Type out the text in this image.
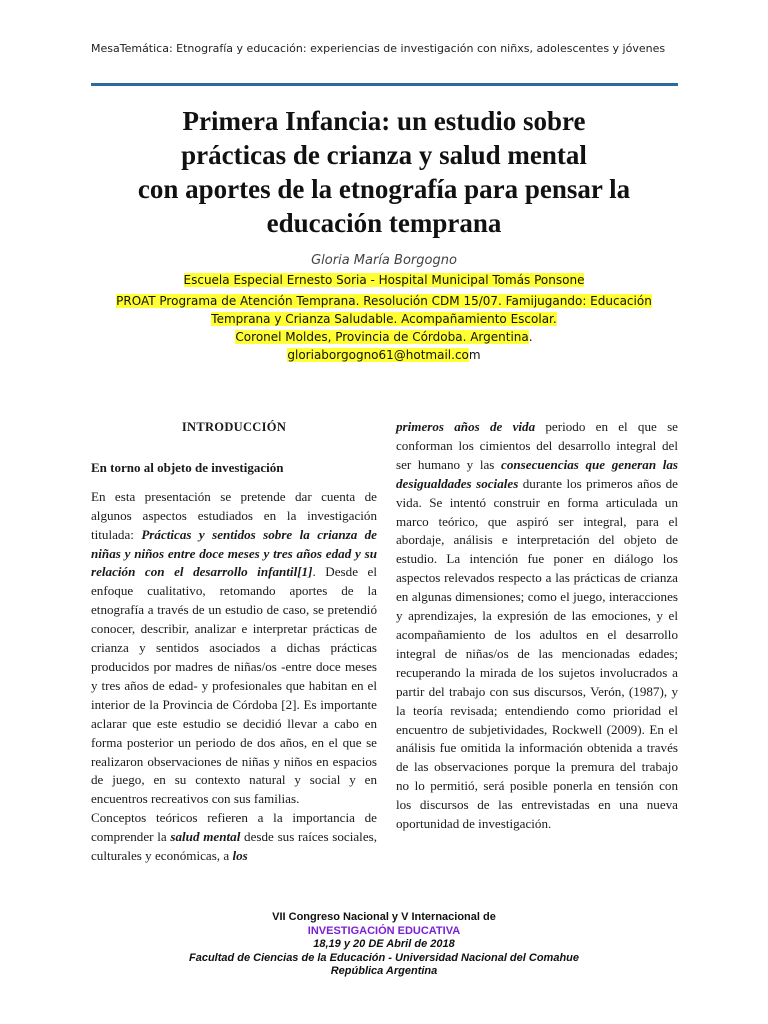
MesaTemática: Etnografía y educación: experiencias de investigación con niñxs, adolescentes y jóvenes
Primera Infancia: un estudio sobre
prácticas de crianza y salud mental
con aportes de la etnografía para pensar la
educación temprana
Gloria María Borgogno
Escuela Especial Ernesto Soria - Hospital Municipal Tomás Ponsone
PROAT Programa de Atención Temprana. Resolución CDM 15/07. Famijugando: Educación
Temprana y Crianza Saludable. Acompañamiento Escolar.
Coronel Moldes, Provincia de Córdoba. Argentina.
gloriaborgogno61@hotmail.com
INTRODUCCIÓN
En torno al objeto de investigación

En esta presentación se pretende dar cuenta de algunos aspectos estudiados en la investigación titulada: Prácticas y sentidos sobre la crianza de niñas y niños entre doce meses y tres años edad y su relación con el desarrollo infantil[1]. Desde el enfoque cualitativo, retomando aportes de la etnografía a través de un estudio de caso, se pretendió conocer, describir, analizar e interpretar prácticas de crianza y sentidos asociados a dichas prácticas producidos por madres de niñas/os -entre doce meses y tres años de edad- y profesionales que habitan en el interior de la Provincia de Córdoba [2]. Es importante aclarar que este estudio se decidió llevar a cabo en forma posterior un periodo de dos años, en el que se realizaron observaciones de niñas y niños en espacios de juego, en su contexto natural y social y en encuentros recreativos con sus familias.

Conceptos teóricos refieren a la importancia de comprender la salud mental desde sus raíces sociales, culturales y económicas, a los

primeros años de vida periodo en el que se conforman los cimientos del desarrollo integral del ser humano y las consecuencias que generan las desigualdades sociales durante los primeros años de vida. Se intentó construir en forma articulada un marco teórico, que aspiró ser integral, para el abordaje, análisis e interpretación del objeto de estudio. La intención fue poner en diálogo los aspectos relevados respecto a las prácticas de crianza en algunas dimensiones; como el juego, interacciones y aprendizajes, la expresión de las emociones, y el acompañamiento de los adultos en el desarrollo integral de niñas/os de las mencionadas edades; recuperando la mirada de los sujetos involucrados a partir del trabajo con sus discursos, Verón, (1987), y la teoría revisada; entendiendo como prioridad el encuentro de subjetividades, Rockwell (2009). En el análisis fue omitida la información obtenida a través de las observaciones porque la premura del trabajo no lo permitió, será posible ponerla en tensión con los discursos de las entrevistadas en una nueva oportunidad de investigación.

VII Congreso Nacional y V Internacional de
INVESTIGACIÓN EDUCATIVA
18,19 y 20 DE Abril de 2018
Facultad de Ciencias de la Educación - Universidad Nacional del Comahue
República Argentina
